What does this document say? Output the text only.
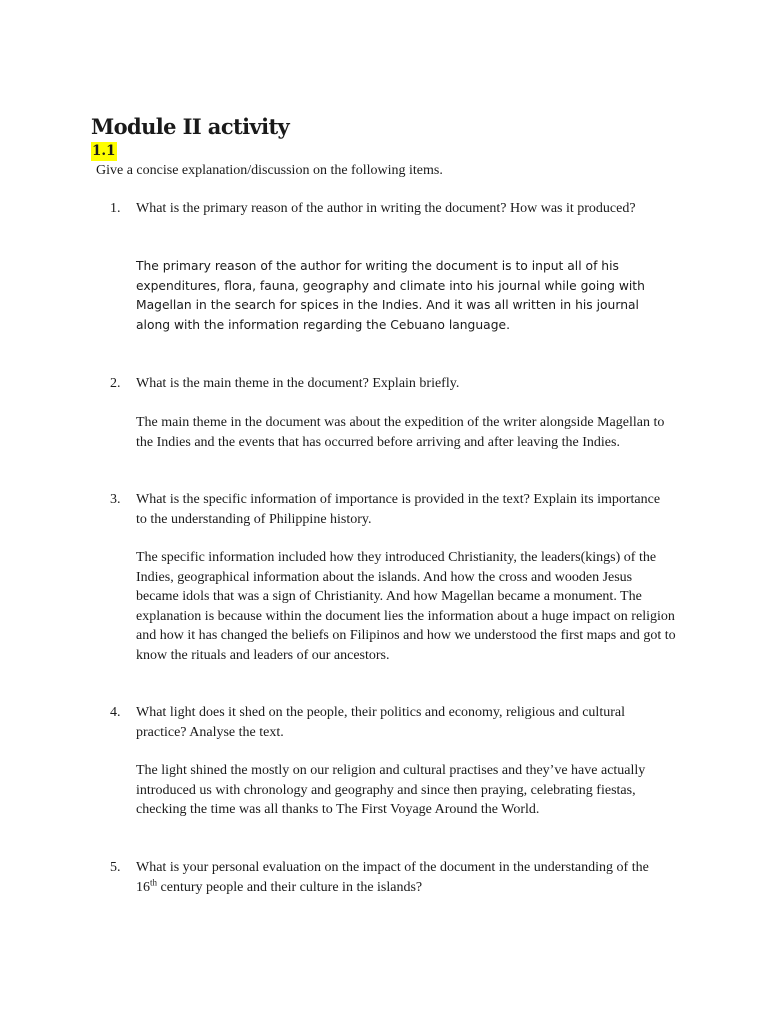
Module II activity
1.1

Give a concise explanation/discussion on the following items.

1.	What is the primary reason of the author in writing the document? How was it produced?

The primary reason of the author for writing the document is to input all of his expenditures, flora, fauna, geography and climate into his journal while going with Magellan in the search for spices in the Indies. And it was all written in his journal along with the information regarding the Cebuano language.

2.	What is the main theme in the document? Explain briefly.

The main theme in the document was about the expedition of the writer alongside Magellan to the Indies and the events that has occurred before arriving and after leaving the Indies.

3.	What is the specific information of importance is provided in the text? Explain its importance to the understanding of Philippine history.

The specific information included how they introduced Christianity, the leaders(kings) of the Indies, geographical information about the islands. And how the cross and wooden Jesus became idols that was a sign of Christianity. And how Magellan became a monument. The explanation is because within the document lies the information about a huge impact on religion and how it has changed the beliefs on Filipinos and how we understood the first maps and got to know the rituals and leaders of our ancestors.

4.	What light does it shed on the people, their politics and economy, religious and cultural practice? Analyse the text.

The light shined the mostly on our religion and cultural practises and they’ve have actually introduced us with chronology and geography and since then praying, celebrating fiestas, checking the time was all thanks to The First Voyage Around the World.

5.	What is your personal evaluation on the impact of the document in the understanding of the 16th century people and their culture in the islands?
